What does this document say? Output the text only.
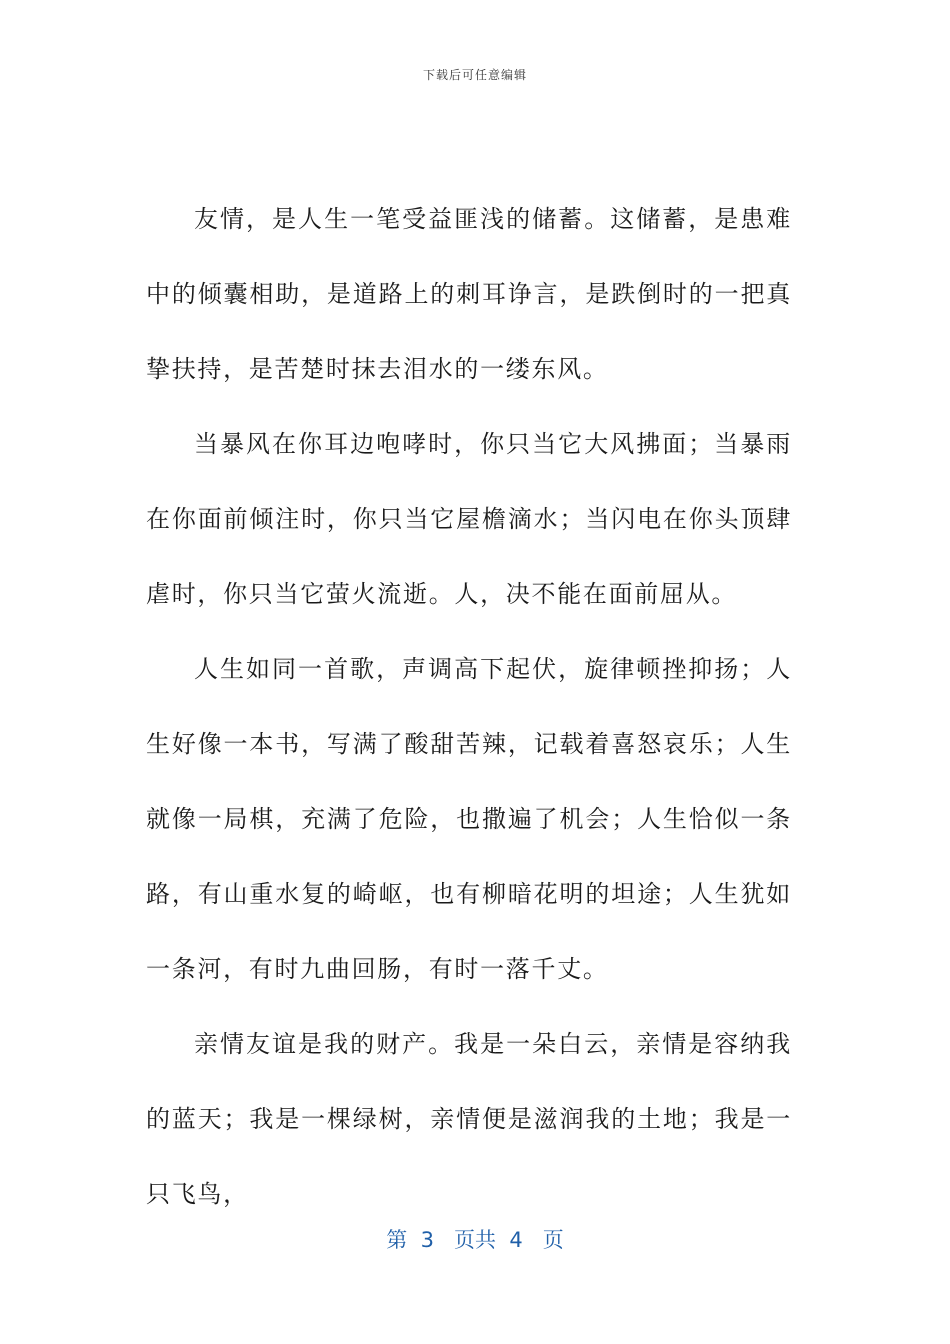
下载后可任意编辑

友情，是人生一笔受益匪浅的储蓄。这储蓄，是患难中的倾囊相助，是道路上的刺耳诤言，是跌倒时的一把真挚扶持，是苦楚时抹去泪水的一缕东风。

当暴风在你耳边咆哮时，你只当它大风拂面；当暴雨在你面前倾注时，你只当它屋檐滴水；当闪电在你头顶肆虐时，你只当它萤火流逝。人，决不能在面前屈从。

人生如同一首歌，声调高下起伏，旋律顿挫抑扬；人生好像一本书，写满了酸甜苦辣，记载着喜怒哀乐；人生就像一局棋，充满了危险，也撒遍了机会；人生恰似一条路，有山重水复的崎岖，也有柳暗花明的坦途；人生犹如一条河，有时九曲回肠，有时一落千丈。

亲情友谊是我的财产。我是一朵白云，亲情是容纳我的蓝天；我是一棵绿树，亲情便是滋润我的土地；我是一只飞鸟，

第  3   页共  4   页
